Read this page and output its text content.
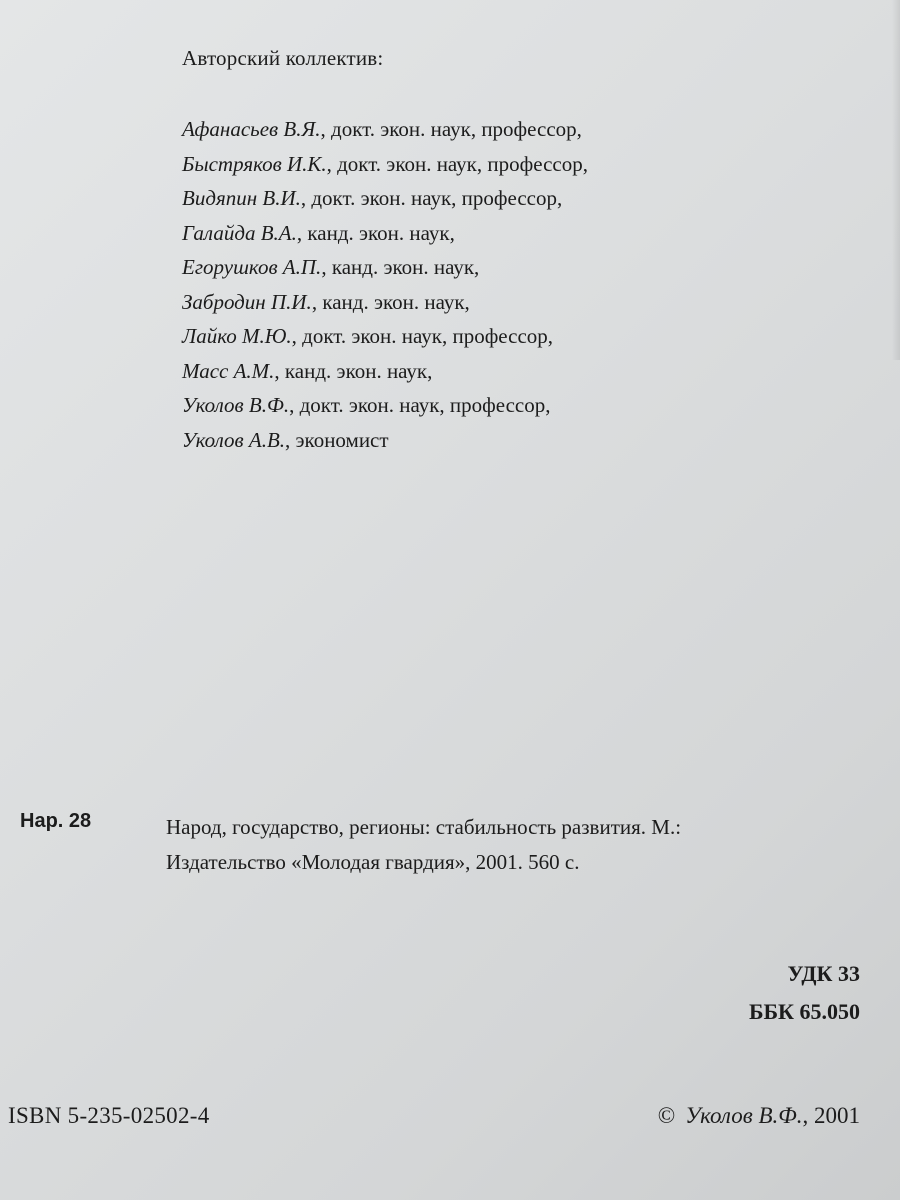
Авторский коллектив:
Афанасьев В.Я., докт. экон. наук, профессор,
Быстряков И.К., докт. экон. наук, профессор,
Видяпин В.И., докт. экон. наук, профессор,
Галайда В.А., канд. экон. наук,
Егорушков А.П., канд. экон. наук,
Забродин П.И., канд. экон. наук,
Лайко М.Ю., докт. экон. наук, профессор,
Масс А.М., канд. экон. наук,
Уколов В.Ф., докт. экон. наук, профессор,
Уколов А.В., экономист
Нар. 28	Народ, государство, регионы: стабильность развития. М.:
Издательство «Молодая гвардия», 2001. 560 с.
УДК 33
ББК 65.050
ISBN 5-235-02502-4	© Уколов В.Ф., 2001
